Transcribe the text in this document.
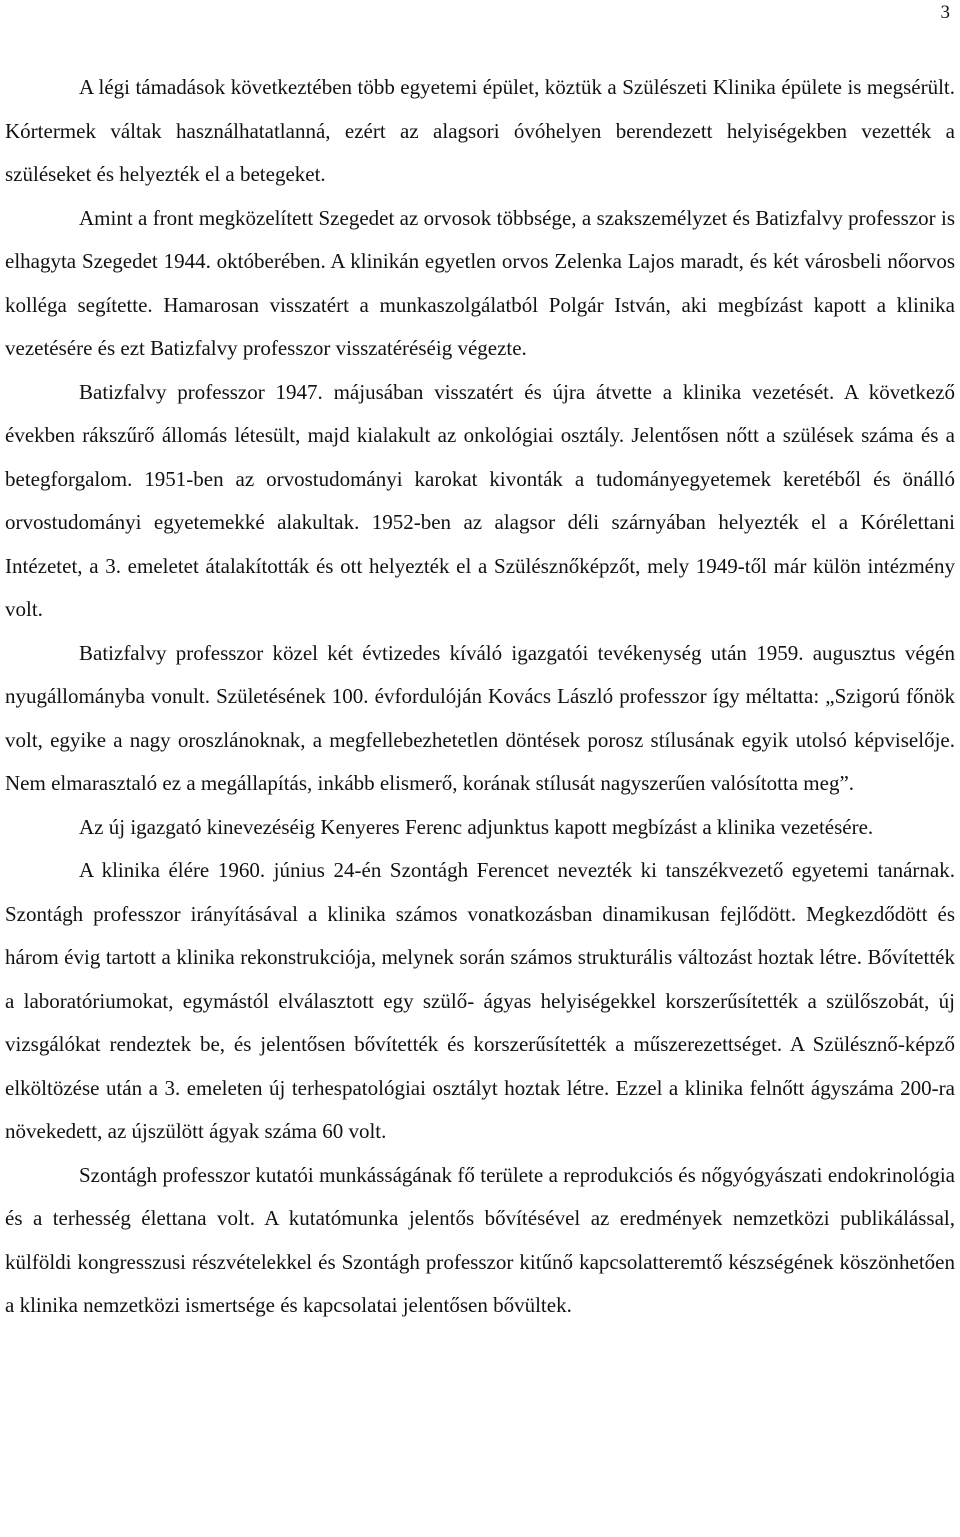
3

A légi támadások következtében több egyetemi épület, köztük a Szülészeti Klinika épülete is megsérült. Kórtermek váltak használhatatlanná, ezért az alagsori óvóhelyen berendezett helyiségekben vezették a szüléseket és helyezték el a betegeket.

Amint a front megközelített Szegedet az orvosok többsége, a szakszemélyzet és Batizfalvy professzor is elhagyta Szegedet 1944. októberében. A klinikán egyetlen orvos Zelenka Lajos maradt, és két városbeli nőorvos kolléga segítette. Hamarosan visszatért a munkaszolgálatból Polgár István, aki megbízást kapott a klinika vezetésére és ezt Batizfalvy professzor visszatéréséig végezte.

Batizfalvy professzor 1947. májusában visszatért és újra átvette a klinika vezetését. A következő években rákszűrő állomás létesült, majd kialakult az onkológiai osztály. Jelentősen nőtt a szülések száma és a betegforgalom. 1951-ben az orvostudományi karokat kivonták a tudományegyetemek keretéből és önálló orvostudományi egyetemekké alakultak. 1952-ben az alagsor déli szárnyában helyezték el a Kórélettani Intézetet, a 3. emeletet átalakították és ott helyezték el a Szülésznőképzőt, mely 1949-től már külön intézmény volt.

Batizfalvy professzor közel két évtizedes kíváló igazgatói tevékenység után 1959. augusztus végén nyugállományba vonult. Születésének 100. évfordulóján Kovács László professzor így méltatta: „Szigorú főnök volt, egyike a nagy oroszlánoknak, a megfellebezhetetlen döntések porosz stílusának egyik utolsó képviselője. Nem elmarasztaló ez a megállapítás, inkább elismerő, korának stílusát nagyszerűen valósította meg”.

Az új igazgató kinevezéséig Kenyeres Ferenc adjunktus kapott megbízást a klinika vezetésére.

A klinika élére 1960. június 24-én Szontágh Ferencet nevezték ki tanszékvezető egyetemi tanárnak. Szontágh professzor irányításával a klinika számos vonatkozásban dinamikusan fejlődött. Megkezdődött és három évig tartott a klinika rekonstrukciója, melynek során számos strukturális változást hoztak létre. Bővítették a laboratóriumokat, egymástól elválasztott egy szülő- ágyas helyiségekkel korszerűsítették a szülőszobát, új vizsgálókat rendeztek be, és jelentősen bővítették és korszerűsítették a műszerezettséget. A Szülésznő-képző elköltözése után a 3. emeleten új terhespatológiai osztályt hoztak létre. Ezzel a klinika felnőtt ágyszáma 200-ra növekedett, az újszülött ágyak száma 60 volt.

Szontágh professzor kutatói munkásságának fő területe a reprodukciós és nőgyógyászati endokrinológia és a terhesség élettana volt. A kutatómunka jelentős bővítésével az eredmények nemzetközi publikálással, külföldi kongresszusi részvételekkel és Szontágh professzor kitűnő kapcsolatteremtő készségének köszönhetően a klinika nemzetközi ismertsége és kapcsolatai jelentősen bővültek.
